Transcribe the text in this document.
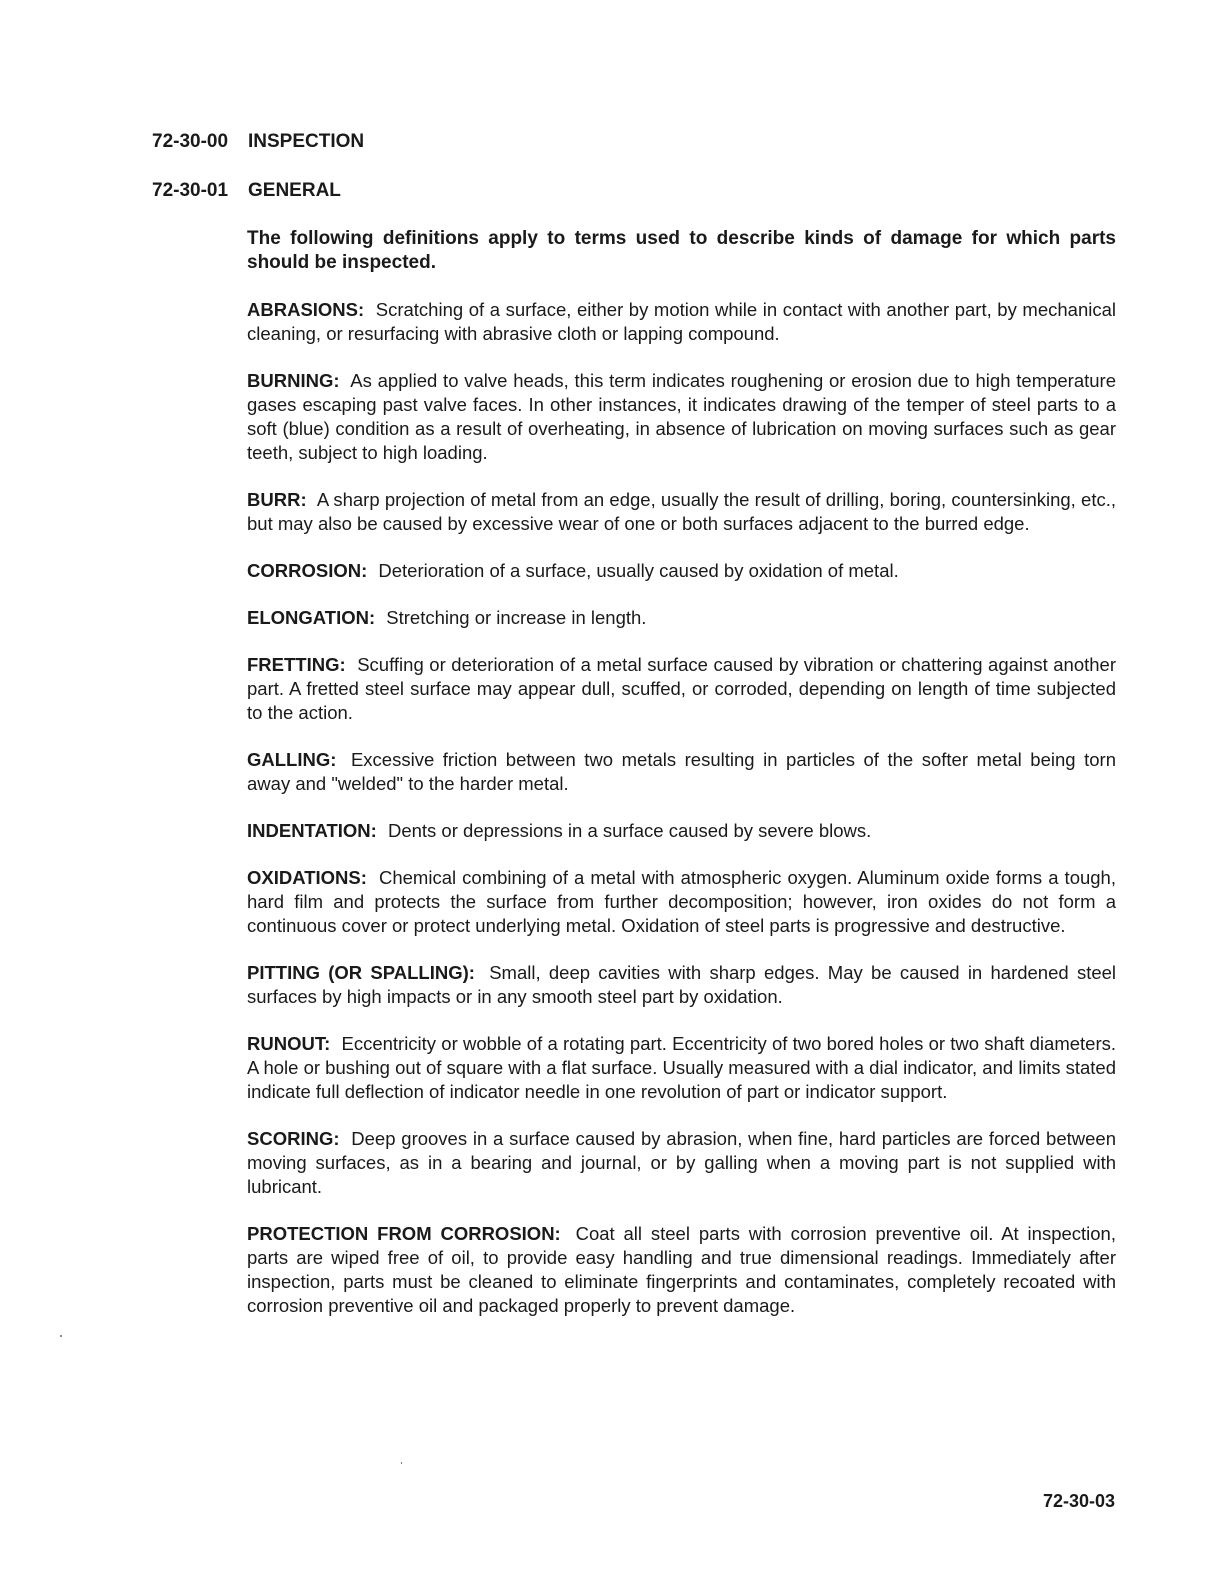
72-30-00 INSPECTION
72-30-01 GENERAL

The following definitions apply to terms used to describe kinds of damage for which parts should be inspected.

ABRASIONS: Scratching of a surface, either by motion while in contact with another part, by mechanical cleaning, or resurfacing with abrasive cloth or lapping compound.

BURNING: As applied to valve heads, this term indicates roughening or erosion due to high temperature gases escaping past valve faces. In other instances, it indicates drawing of the temper of steel parts to a soft (blue) condition as a result of overheating, in absence of lubrication on moving surfaces such as gear teeth, subject to high loading.

BURR: A sharp projection of metal from an edge, usually the result of drilling, boring, countersinking, etc., but may also be caused by excessive wear of one or both surfaces adjacent to the burred edge.

CORROSION: Deterioration of a surface, usually caused by oxidation of metal.

ELONGATION: Stretching or increase in length.

FRETTING: Scuffing or deterioration of a metal surface caused by vibration or chattering against another part. A fretted steel surface may appear dull, scuffed, or corroded, depending on length of time subjected to the action.

GALLING: Excessive friction between two metals resulting in particles of the softer metal being torn away and "welded" to the harder metal.

INDENTATION: Dents or depressions in a surface caused by severe blows.

OXIDATIONS: Chemical combining of a metal with atmospheric oxygen. Aluminum oxide forms a tough, hard film and protects the surface from further decomposition; however, iron oxides do not form a continuous cover or protect underlying metal. Oxidation of steel parts is progressive and destructive.

PITTING (OR SPALLING): Small, deep cavities with sharp edges. May be caused in hardened steel surfaces by high impacts or in any smooth steel part by oxidation.

RUNOUT: Eccentricity or wobble of a rotating part. Eccentricity of two bored holes or two shaft diameters. A hole or bushing out of square with a flat surface. Usually measured with a dial indicator, and limits stated indicate full deflection of indicator needle in one revolution of part or indicator support.

SCORING: Deep grooves in a surface caused by abrasion, when fine, hard particles are forced between moving surfaces, as in a bearing and journal, or by galling when a moving part is not supplied with lubricant.

PROTECTION FROM CORROSION: Coat all steel parts with corrosion preventive oil. At inspection, parts are wiped free of oil, to provide easy handling and true dimensional readings. Immediately after inspection, parts must be cleaned to eliminate fingerprints and contaminates, completely recoated with corrosion preventive oil and packaged properly to prevent damage.

72-30-03
